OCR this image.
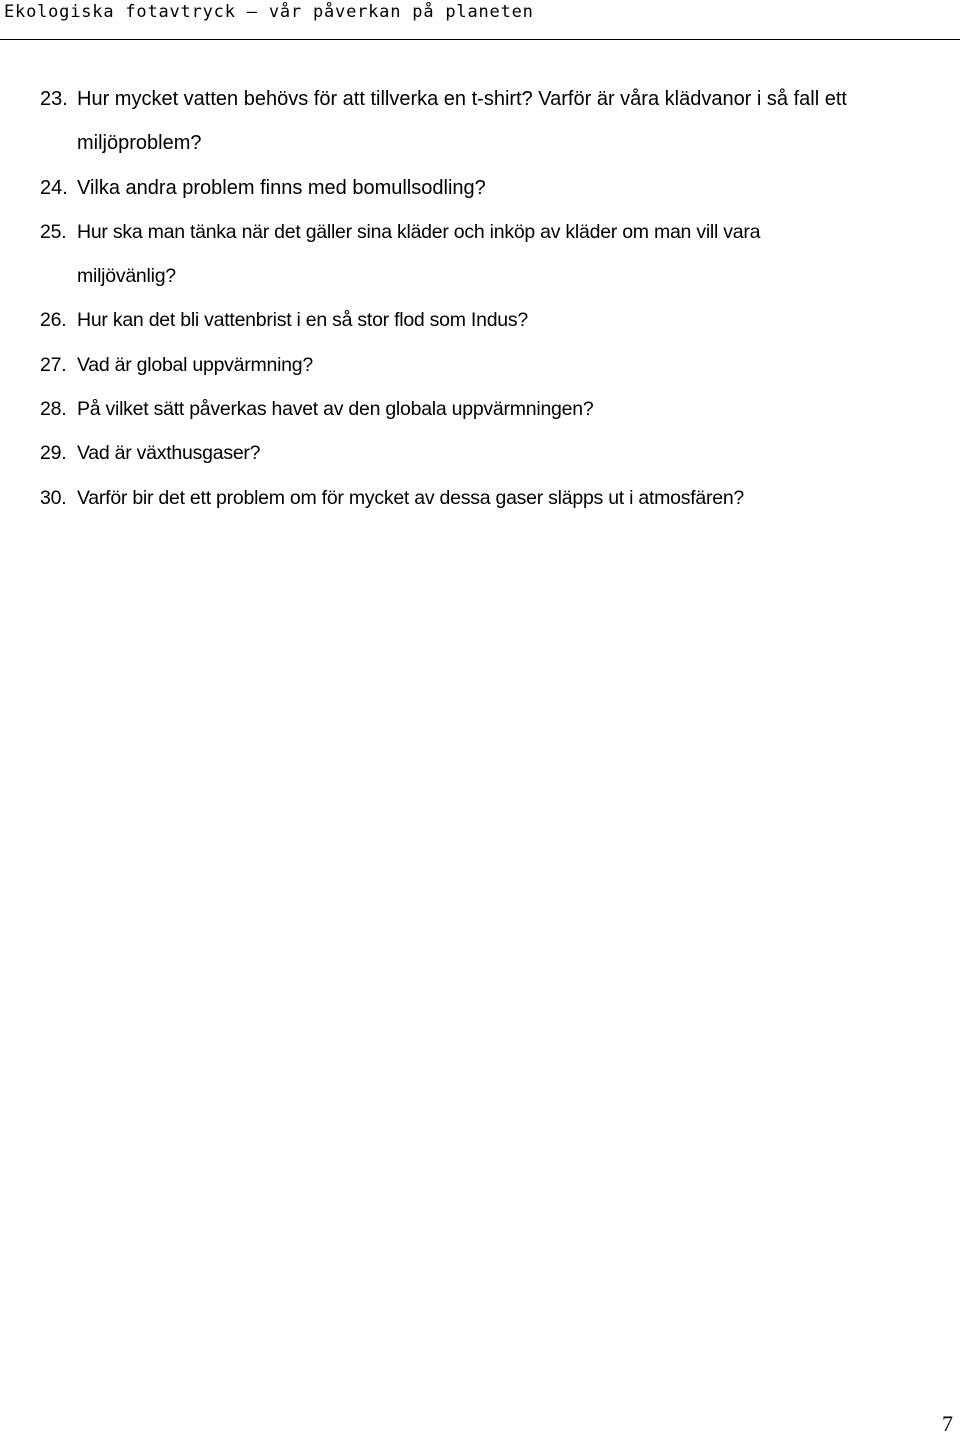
Ekologiska fotavtryck – vår påverkan på planeten
23. Hur mycket vatten behövs för att tillverka en t-shirt? Varför är våra klädvanor i så fall ett
miljöproblem?
24. Vilka andra problem finns med bomullsodling?
25. Hur ska man tänka när det gäller sina kläder och inköp av kläder om man vill vara
miljövänlig?
26. Hur kan det bli vattenbrist i en så stor flod som Indus?
27. Vad är global uppvärmning?
28. På vilket sätt påverkas havet av den globala uppvärmningen?
29. Vad är växthusgaser?
30. Varför bir det ett problem om för mycket av dessa gaser släpps ut i atmosfären?
7
